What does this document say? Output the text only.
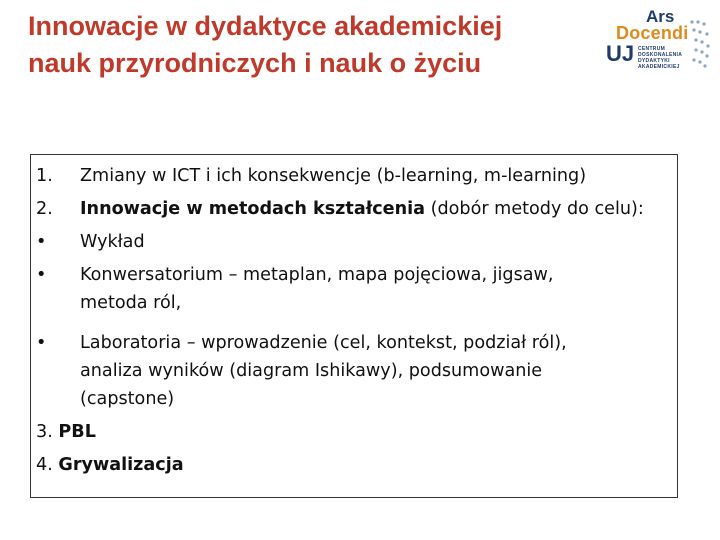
Innowacje w dydaktyce akademickiej
nauk przyrodniczych i nauk o życiu
Ars
Docendi
UJ CENTRUM
DOSKONALENIA
DYDAKTYKI
AKADEMICKIEJ
1. Zmiany w ICT i ich konsekwencje (b-learning, m-learning)
2. Innowacje w metodach kształcenia (dobór metody do celu):
• Wykład
• Konwersatorium – metaplan, mapa pojęciowa, jigsaw,
metoda ról,
• Laboratoria – wprowadzenie (cel, kontekst, podział ról),
analiza wyników (diagram Ishikawy), podsumowanie
(capstone)
3. PBL
4. Grywalizacja
